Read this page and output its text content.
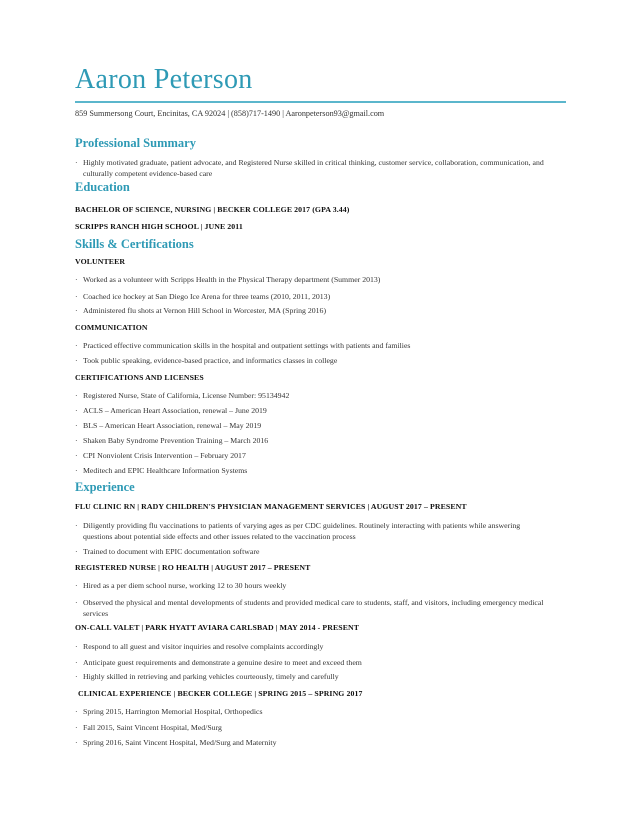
Aaron Peterson
859 Summersong Court, Encinitas, CA 92024 | (858)717-1490 | Aaronpeterson93@gmail.com
Professional Summary
· Highly motivated graduate, patient advocate, and Registered Nurse skilled in critical thinking, customer service, collaboration, communication, and culturally competent evidence-based care
Education
BACHELOR OF SCIENCE, NURSING | BECKER COLLEGE 2017 (GPA 3.44)
SCRIPPS RANCH HIGH SCHOOL | JUNE 2011
Skills & Certifications
VOLUNTEER
· Worked as a volunteer with Scripps Health in the Physical Therapy department (Summer 2013)
· Coached ice hockey at San Diego Ice Arena for three teams (2010, 2011, 2013)
· Administered flu shots at Vernon Hill School in Worcester, MA (Spring 2016)
COMMUNICATION
· Practiced effective communication skills in the hospital and outpatient settings with patients and families
· Took public speaking, evidence-based practice, and informatics classes in college
CERTIFICATIONS AND LICENSES
· Registered Nurse, State of California, License Number: 95134942
· ACLS – American Heart Association, renewal – June 2019
· BLS – American Heart Association, renewal – May 2019
· Shaken Baby Syndrome Prevention Training – March 2016
· CPI Nonviolent Crisis Intervention – February 2017
· Meditech and EPIC Healthcare Information Systems
Experience
FLU CLINIC RN | RADY CHILDREN'S PHYSICIAN MANAGEMENT SERVICES | AUGUST 2017 – PRESENT
· Diligently providing flu vaccinations to patients of varying ages as per CDC guidelines. Routinely interacting with patients while answering questions about potential side effects and other issues related to the vaccination process
· Trained to document with EPIC documentation software
REGISTERED NURSE | RO HEALTH | AUGUST 2017 – PRESENT
· Hired as a per diem school nurse, working 12 to 30 hours weekly
· Observed the physical and mental developments of students and provided medical care to students, staff, and visitors, including emergency medical services
ON-CALL VALET | PARK HYATT AVIARA CARLSBAD | MAY 2014 - PRESENT
· Respond to all guest and visitor inquiries and resolve complaints accordingly
· Anticipate guest requirements and demonstrate a genuine desire to meet and exceed them
· Highly skilled in retrieving and parking vehicles courteously, timely and carefully
CLINICAL EXPERIENCE | BECKER COLLEGE | SPRING 2015 – SPRING 2017
· Spring 2015, Harrington Memorial Hospital, Orthopedics
· Fall 2015, Saint Vincent Hospital, Med/Surg
· Spring 2016, Saint Vincent Hospital, Med/Surg and Maternity
